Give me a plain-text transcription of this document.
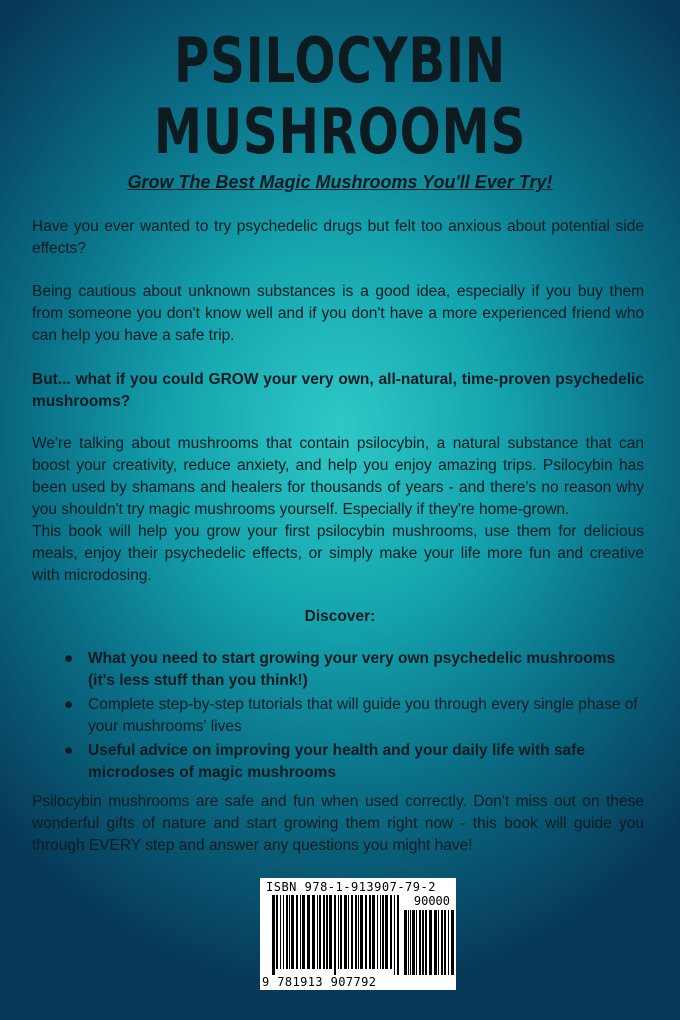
PSILOCYBIN
MUSHROOMS
Grow The Best Magic Mushrooms You'll Ever Try!

Have you ever wanted to try psychedelic drugs but felt too anxious about potential side effects?

Being cautious about unknown substances is a good idea, especially if you buy them from someone you don't know well and if you don't have a more experienced friend who can help you have a safe trip.

But... what if you could GROW your very own, all-natural, time-proven psychedelic mushrooms?

We're talking about mushrooms that contain psilocybin, a natural substance that can boost your creativity, reduce anxiety, and help you enjoy amazing trips. Psilocybin has been used by shamans and healers for thousands of years - and there's no reason why you shouldn't try magic mushrooms yourself. Especially if they're home-grown.

This book will help you grow your first psilocybin mushrooms, use them for delicious meals, enjoy their psychedelic effects, or simply make your life more fun and creative with microdosing.

Discover:
● What you need to start growing your very own psychedelic mushrooms (it's less stuff than you think!)
● Complete step-by-step tutorials that will guide you through every single phase of your mushrooms' lives
● Useful advice on improving your health and your daily life with safe microdoses of magic mushrooms

Psilocybin mushrooms are safe and fun when used correctly. Don't miss out on these wonderful gifts of nature and start growing them right now - this book will guide you through EVERY step and answer any questions you might have!

ISBN 978-1-913907-79-2
90000
9 781913 907792
